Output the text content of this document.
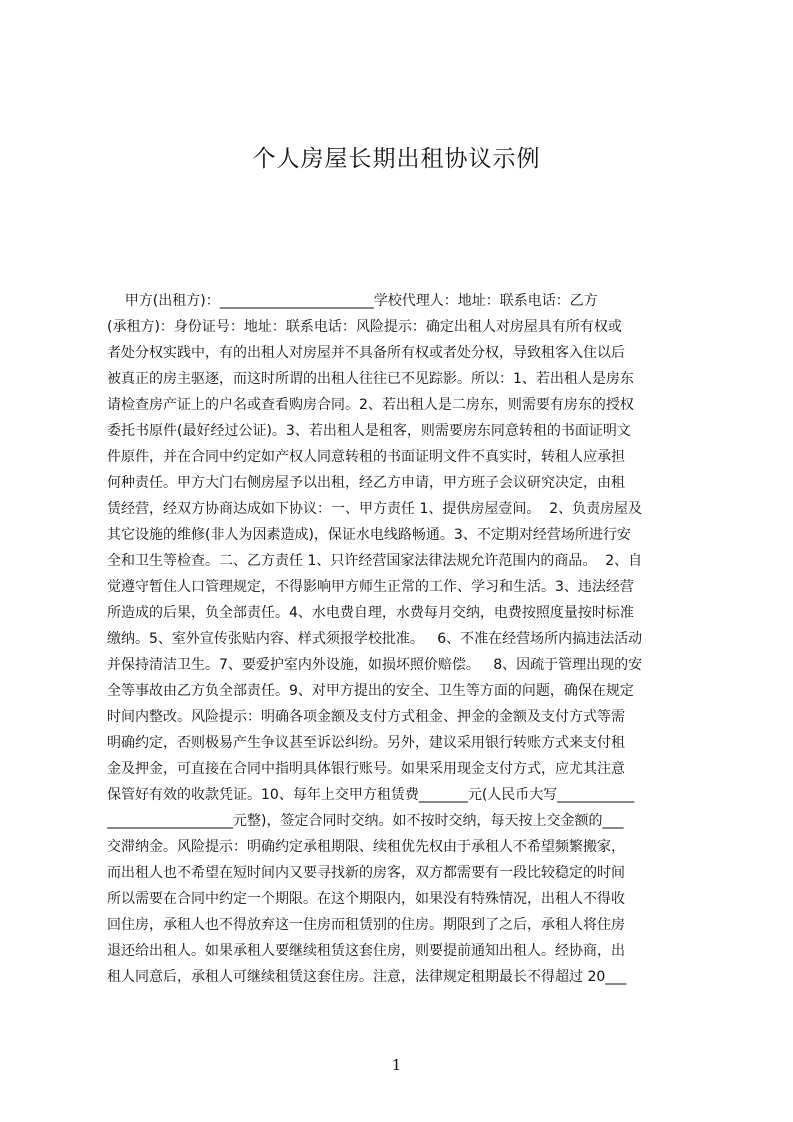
个人房屋长期出租协议示例
甲方(出租方)：______________________学校代理人：地址：联系电话：乙方
(承租方)：身份证号：地址：联系电话：风险提示：确定出租人对房屋具有所有权或
者处分权实践中，有的出租人对房屋并不具备所有权或者处分权，导致租客入住以后
被真正的房主驱逐，而这时所谓的出租人往往已不见踪影。所以：1、若出租人是房东
请检查房产证上的户名或查看购房合同。2、若出租人是二房东，则需要有房东的授权
委托书原件(最好经过公证)。3、若出租人是租客，则需要房东同意转租的书面证明文
件原件，并在合同中约定如产权人同意转租的书面证明文件不真实时，转租人应承担
何种责任。甲方大门右侧房屋予以出租，经乙方申请，甲方班子会议研究决定，由租
赁经营，经双方协商达成如下协议：一、甲方责任 1、提供房屋壹间。  2、负责房屋及
其它设施的维修(非人为因素造成)，保证水电线路畅通。3、不定期对经营场所进行安
全和卫生等检查。二、乙方责任 1、只许经营国家法律法规允许范围内的商品。  2、自
觉遵守暂住人口管理规定，不得影响甲方师生正常的工作、学习和生活。3、违法经营
所造成的后果，负全部责任。4、水电费自理，水费每月交纳，电费按照度量按时标准
缴纳。5、室外宣传张贴内容、样式须报学校批准。   6、不准在经营场所内搞违法活动
并保持清洁卫生。7、要爱护室内外设施，如损坏照价赔偿。   8、因疏于管理出现的安
全等事故由乙方负全部责任。9、对甲方提出的安全、卫生等方面的问题，确保在规定
时间内整改。风险提示：明确各项金额及支付方式租金、押金的金额及支付方式等需
明确约定，否则极易产生争议甚至诉讼纠纷。另外，建议采用银行转账方式来支付租
金及押金，可直接在合同中指明具体银行账号。如果采用现金支付方式，应尤其注意
保管好有效的收款凭证。10、每年上交甲方租赁费_______元(人民币大写___________
__________________元整)，签定合同时交纳。如不按时交纳，每天按上交金额的___
交滞纳金。风险提示：明确约定承租期限、续租优先权由于承租人不希望频繁搬家，
而出租人也不希望在短时间内又要寻找新的房客，双方都需要有一段比较稳定的时间
所以需要在合同中约定一个期限。在这个期限内，如果没有特殊情况，出租人不得收
回住房，承租人也不得放弃这一住房而租赁别的住房。期限到了之后，承租人将住房
退还给出租人。如果承租人要继续租赁这套住房，则要提前通知出租人。经协商，出
租人同意后，承租人可继续租赁这套住房。注意，法律规定租期最长不得超过 20___
1
